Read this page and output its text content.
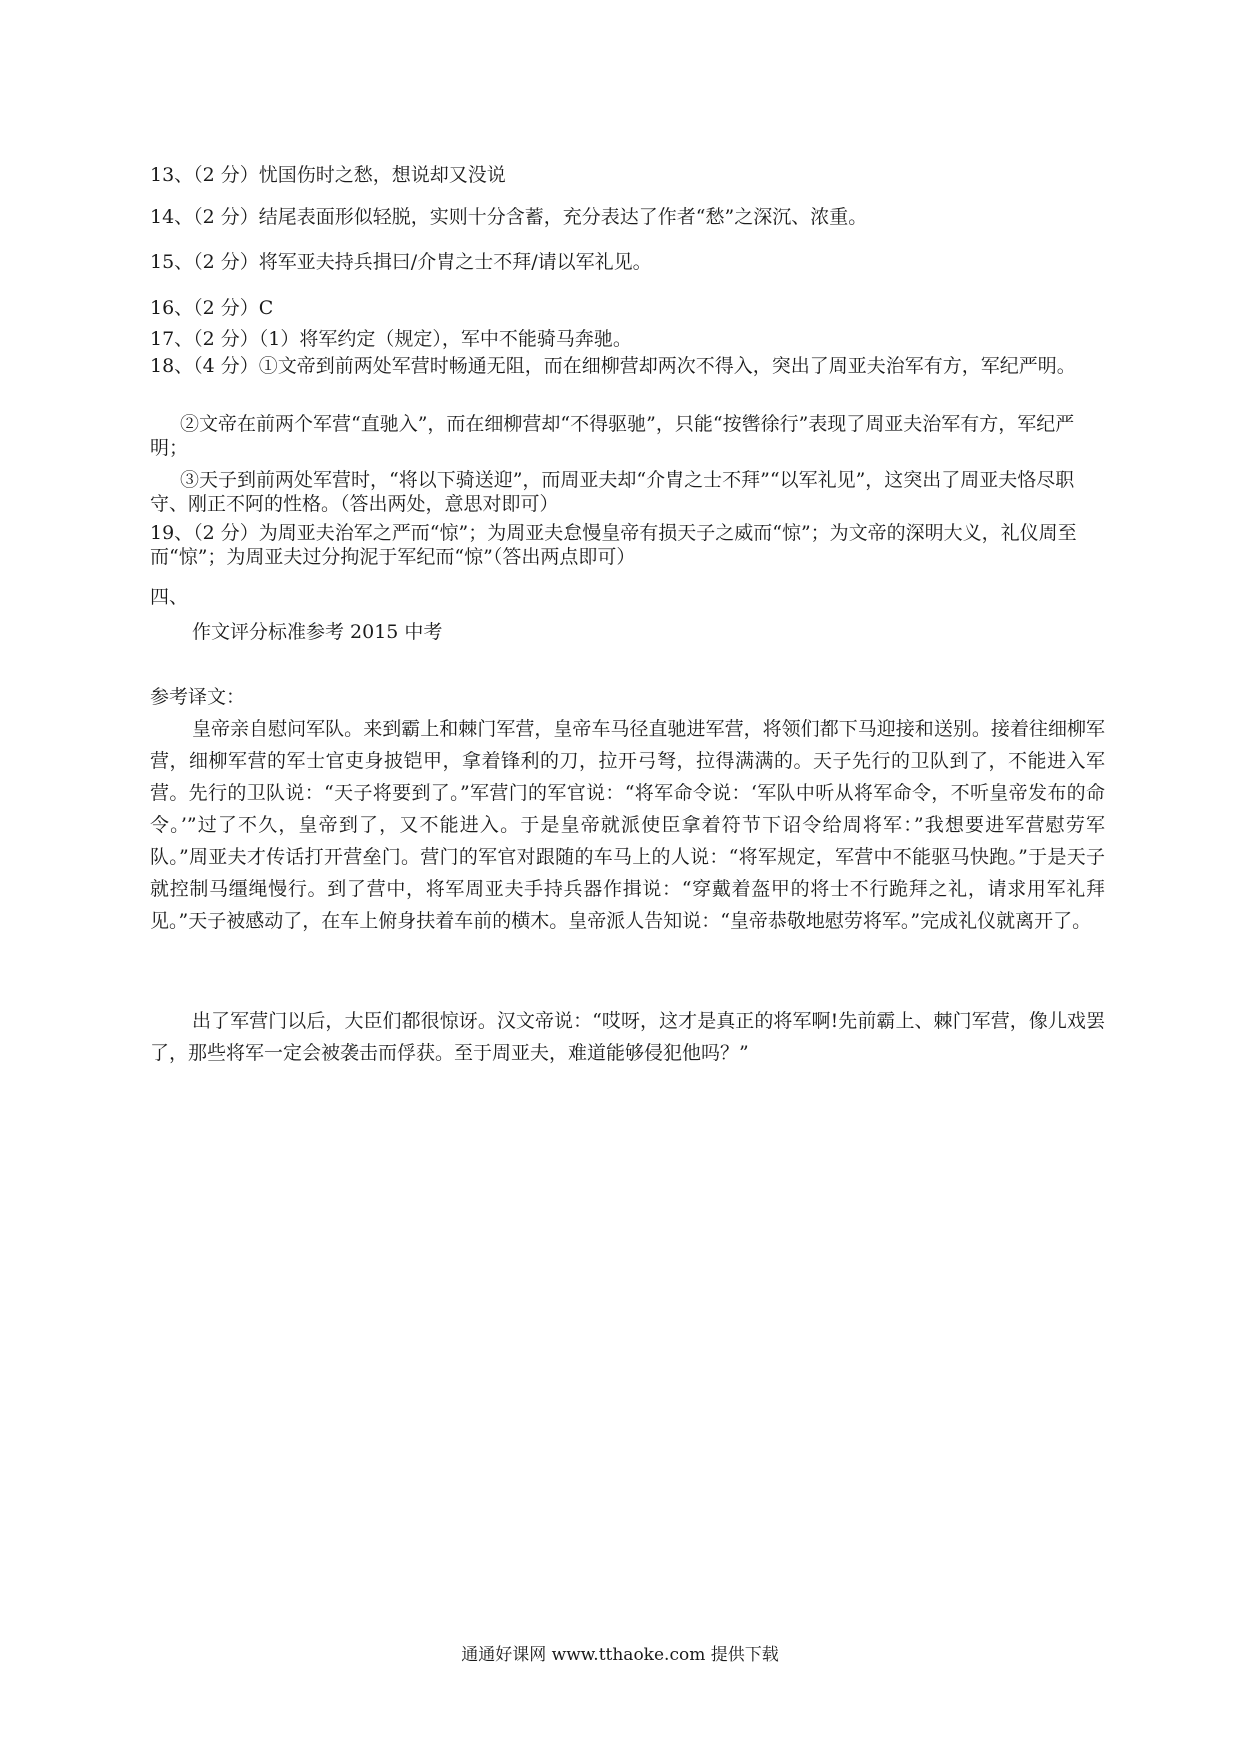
13、（2 分）忧国伤时之愁，想说却又没说
14、（2 分）结尾表面形似轻脱，实则十分含蓄，充分表达了作者“愁”之深沉、浓重。
15、（2 分）将军亚夫持兵揖曰/介胄之士不拜/请以军礼见。
16、（2 分）C
17、（2 分）（1）将军约定（规定），军中不能骑马奔驰。
18、（4 分）①文帝到前两处军营时畅通无阻，而在细柳营却两次不得入，突出了周亚夫治军有方，军纪严明。
②文帝在前两个军营“直驰入”，而在细柳营却“不得驱驰”，只能“按辔徐行”表现了周亚夫治军有方，军纪严明；
③天子到前两处军营时，“将以下骑送迎”，而周亚夫却“介胄之士不拜”“以军礼见”，这突出了周亚夫恪尽职守、刚正不阿的性格。（答出两处，意思对即可）
19、（2 分）为周亚夫治军之严而“惊”；为周亚夫怠慢皇帝有损天子之威而“惊”；为文帝的深明大义，礼仪周至而“惊”；为周亚夫过分拘泥于军纪而“惊”（答出两点即可）
四、
作文评分标准参考 2015 中考
参考译文：
皇帝亲自慰问军队。来到霸上和棘门军营，皇帝车马径直驰进军营，将领们都下马迎接和送别。接着往细柳军营，细柳军营的军士官吏身披铠甲，拿着锋利的刀，拉开弓弩，拉得满满的。天子先行的卫队到了，不能进入军营。先行的卫队说：“天子将要到了。”军营门的军官说：“将军命令说：‘军队中听从将军命令，不听皇帝发布的命令。’”过了不久，皇帝到了，又不能进入。于是皇帝就派使臣拿着符节下诏令给周将军：”我想要进军营慰劳军队。”周亚夫才传话打开营垒门。营门的军官对跟随的车马上的人说：“将军规定，军营中不能驱马快跑。”于是天子就控制马缰绳慢行。到了营中，将军周亚夫手持兵器作揖说：“穿戴着盔甲的将士不行跪拜之礼，请求用军礼拜见。”天子被感动了，在车上俯身扶着车前的横木。皇帝派人告知说：“皇帝恭敬地慰劳将军。”完成礼仪就离开了。
出了军营门以后，大臣们都很惊讶。汉文帝说：“哎呀，这才是真正的将军啊!先前霸上、棘门军营，像儿戏罢了，那些将军一定会被袭击而俘获。至于周亚夫，难道能够侵犯他吗？”
通通好课网 www.tthaoke.com 提供下载
